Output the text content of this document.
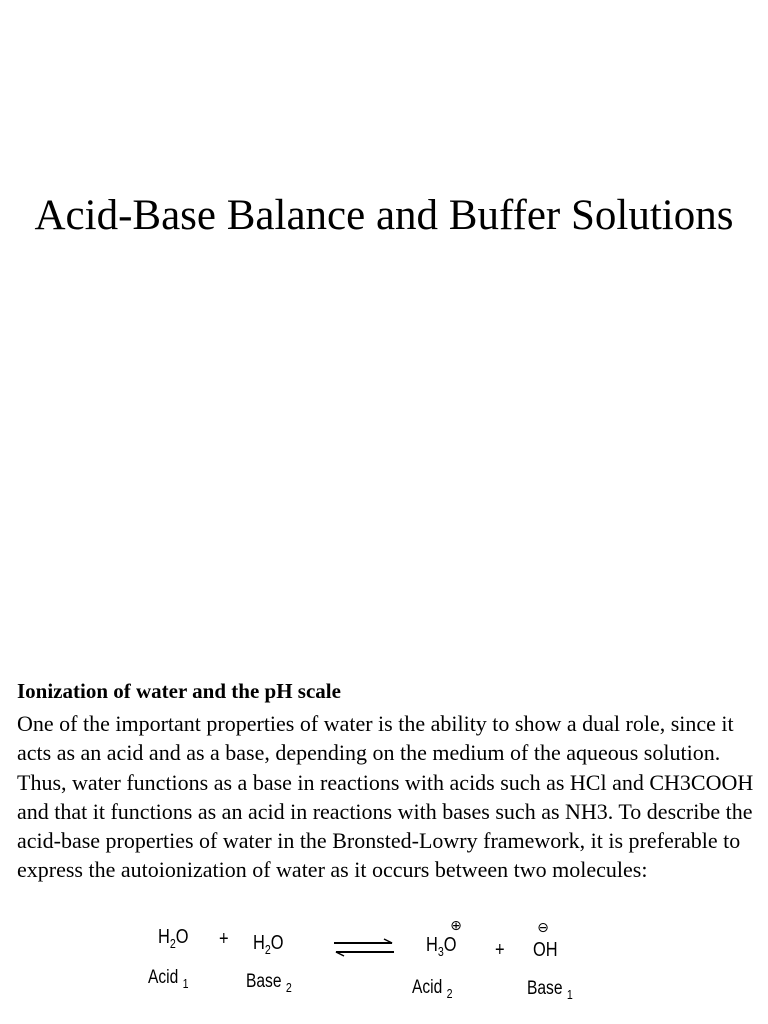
Acid-Base Balance and Buffer Solutions
Ionization of water and the pH scale
One of the important properties of water is the ability to show a dual role, since it acts as an acid and as a base, depending on the medium of the aqueous solution. Thus, water functions as a base in reactions with acids such as HCl and CH3COOH and that it functions as an acid in reactions with bases such as NH3. To describe the acid-base properties of water in the Bronsted-Lowry framework, it is preferable to express the autoionization of water as it occurs between two molecules:
$H_2O$
Acid $_1$
+ $H_2O$
Base $_2$
$H_3O$
⊕
Acid $_2$
+ OH
⊖
Base $_1$
